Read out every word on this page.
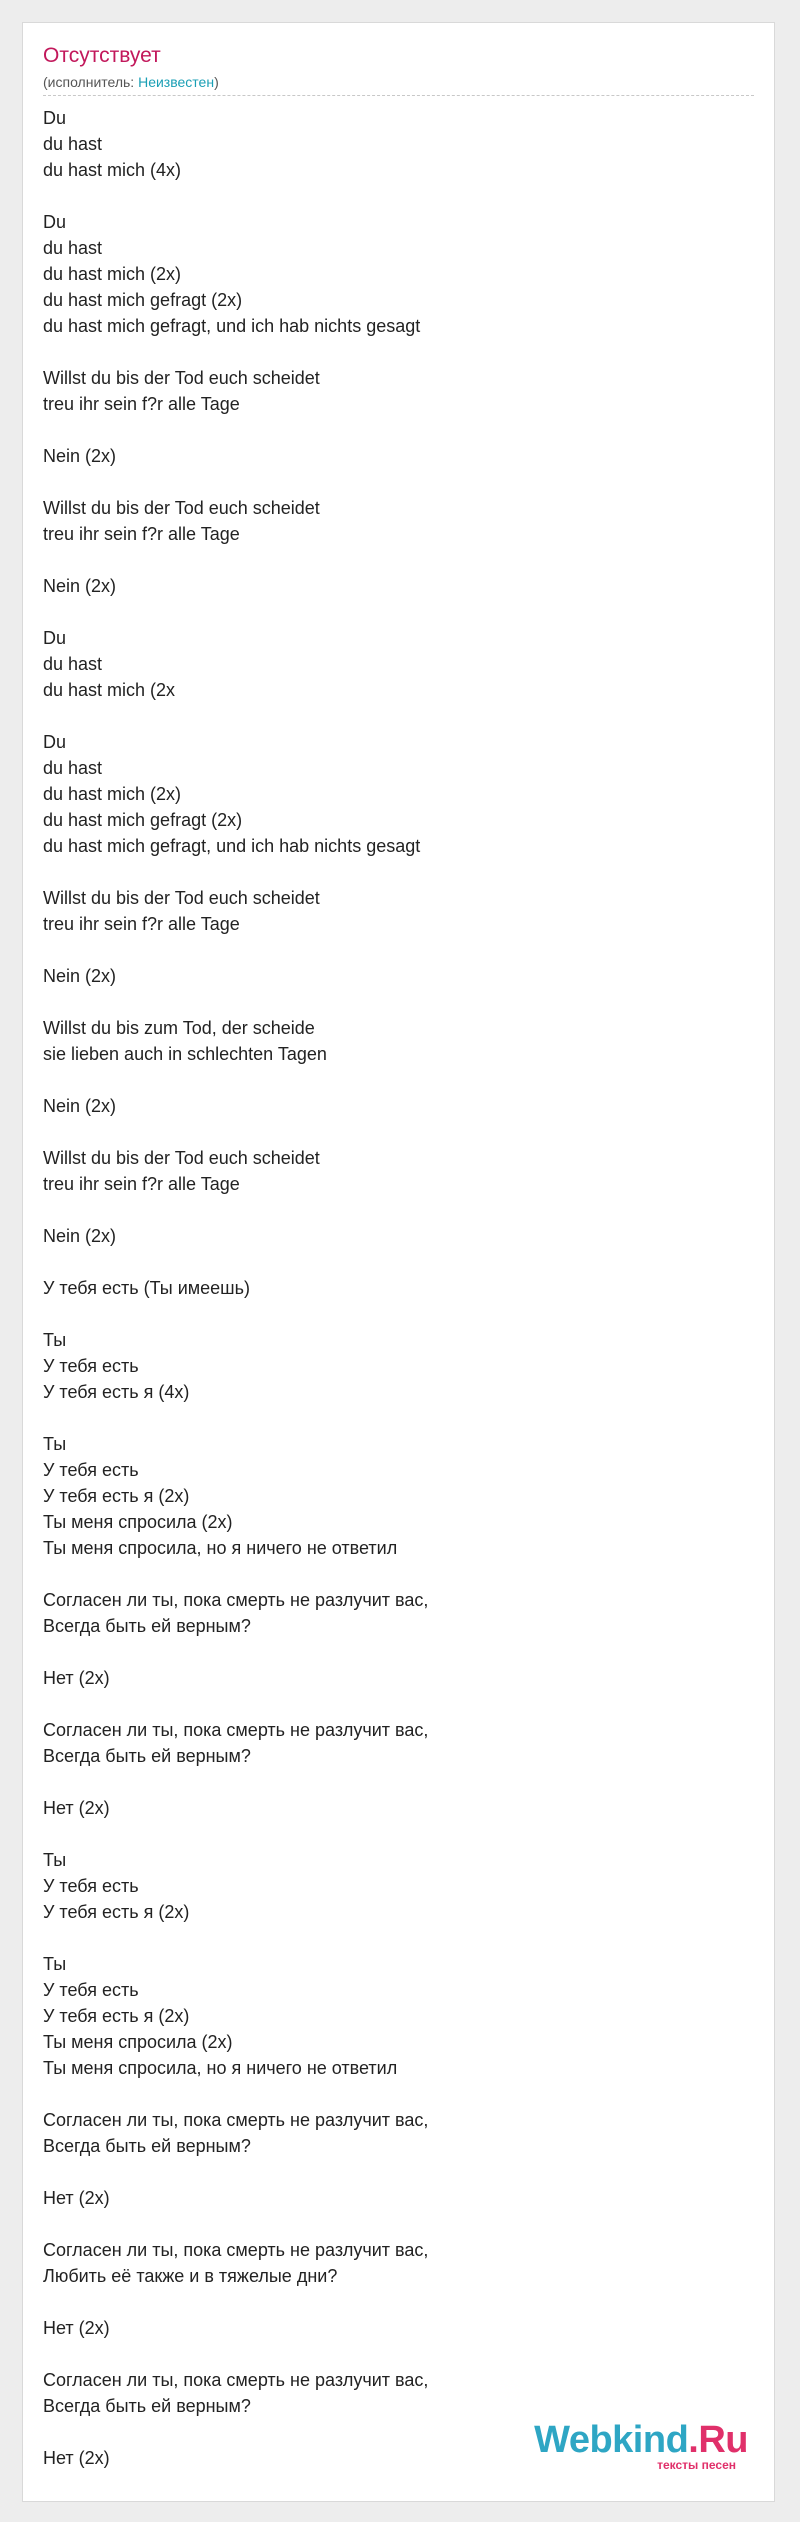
Отсутствует
(исполнитель: Неизвестен)
Du
du hast
du hast mich (4x)

Du
du hast
du hast mich (2x)
du hast mich gefragt (2x)
du hast mich gefragt, und ich hab nichts gesagt

Willst du bis der Tod euch scheidet
treu ihr sein f?r alle Tage

Nein (2x)

Willst du bis der Tod euch scheidet
treu ihr sein f?r alle Tage

Nein (2x)

Du
du hast
du hast mich (2x

Du
du hast
du hast mich (2x)
du hast mich gefragt (2x)
du hast mich gefragt, und ich hab nichts gesagt

Willst du bis der Tod euch scheidet
treu ihr sein f?r alle Tage

Nein (2x)

Willst du bis zum Tod, der scheide
sie lieben auch in schlechten Tagen

Nein (2x)

Willst du bis der Tod euch scheidet
treu ihr sein f?r alle Tage

Nein (2x)

У тебя есть (Ты имеешь)

Ты
У тебя есть
У тебя есть я (4х)

Ты
У тебя есть
У тебя есть я (2х)
Ты меня спросила (2х)
Ты меня спросила, но я ничего не ответил

Согласен ли ты, пока смерть не разлучит вас,
Всегда быть ей верным?

Нет (2х)

Согласен ли ты, пока смерть не разлучит вас,
Всегда быть ей верным?

Нет (2х)

Ты
У тебя есть
У тебя есть я (2х)

Ты
У тебя есть
У тебя есть я (2х)
Ты меня спросила (2х)
Ты меня спросила, но я ничего не ответил

Согласен ли ты, пока смерть не разлучит вас,
Всегда быть ей верным?

Нет (2х)

Согласен ли ты, пока смерть не разлучит вас,
Любить её также и в тяжелые дни?

Нет (2х)

Согласен ли ты, пока смерть не разлучит вас,
Всегда быть ей верным?

Нет (2х)	Webkind.Ru
тексты песен
